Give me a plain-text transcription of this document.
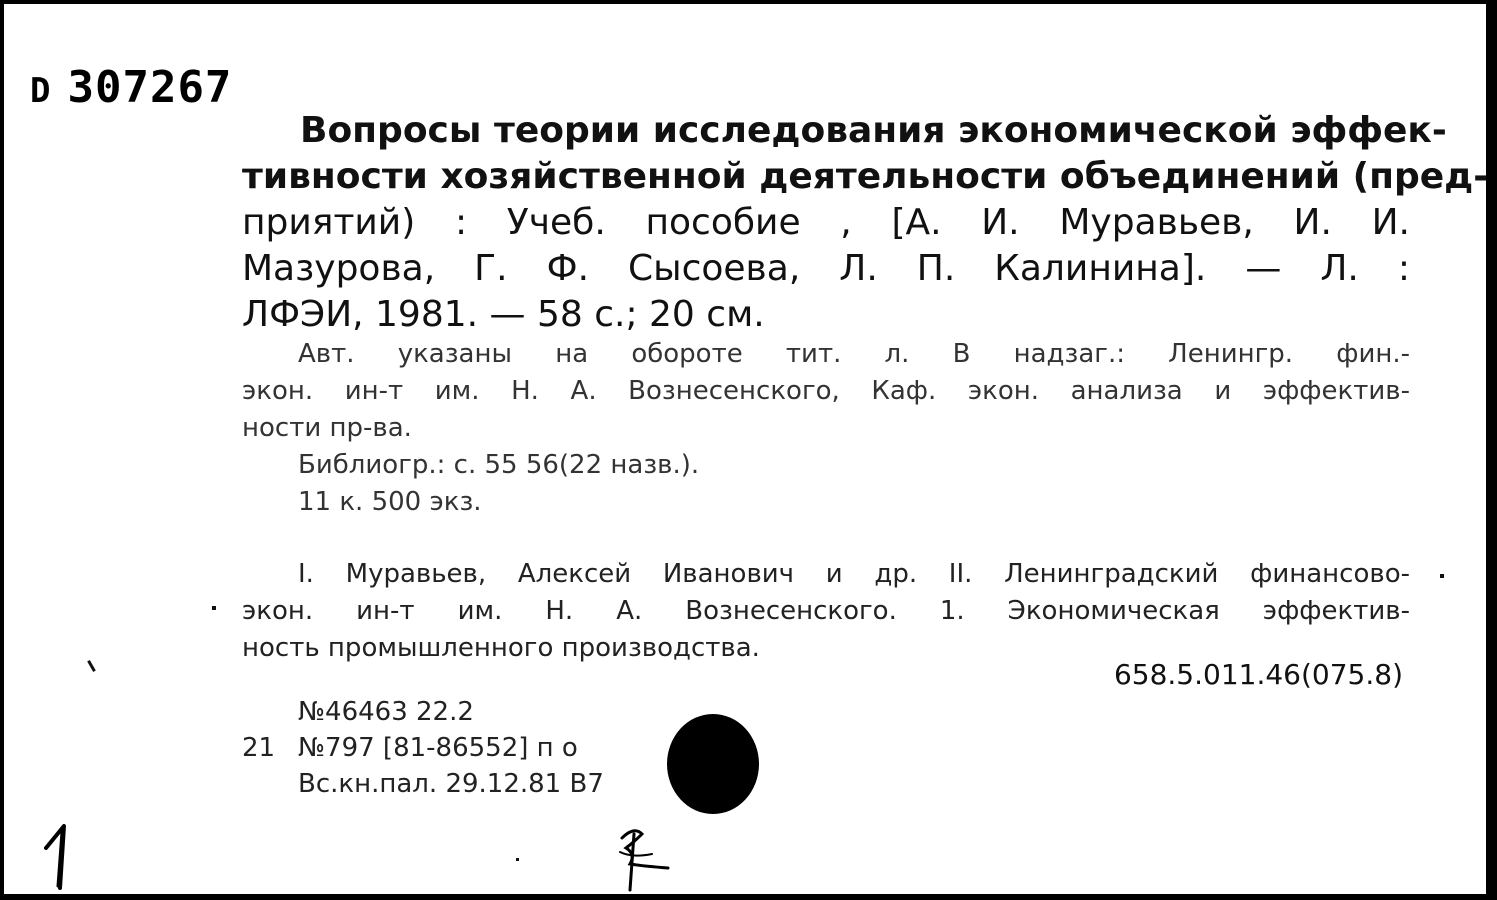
D 307267
Вопросы теории исследования экономической эффек-
тивности хозяйственной деятельности объединений (пред-
приятий) : Учеб. пособие , [А. И. Муравьев, И. И.
Мазурова, Г. Ф. Сысоева, Л. П. Калинина]. — Л. :
ЛФЭИ, 1981. — 58 с.; 20 см.
Авт. указаны на обороте тит. л. В надзаг.: Ленингр. фин.-
экон. ин-т им. Н. А. Вознесенского, Каф. экон. анализа и эффектив-
ности пр-ва.
Библиогр.: с. 55 56(22 назв.).
11 к. 500 экз.
I. Муравьев, Алексей Иванович и др. II. Ленинградский финансово-
экон. ин-т им. Н. А. Вознесенского. 1. Экономическая эффектив-
ность промышленного производства.
658.5.011.46(075.8)
№46463 22.2
21 №797 [81-86552] п о
Вс.кн.пал. 29.12.81 В7
